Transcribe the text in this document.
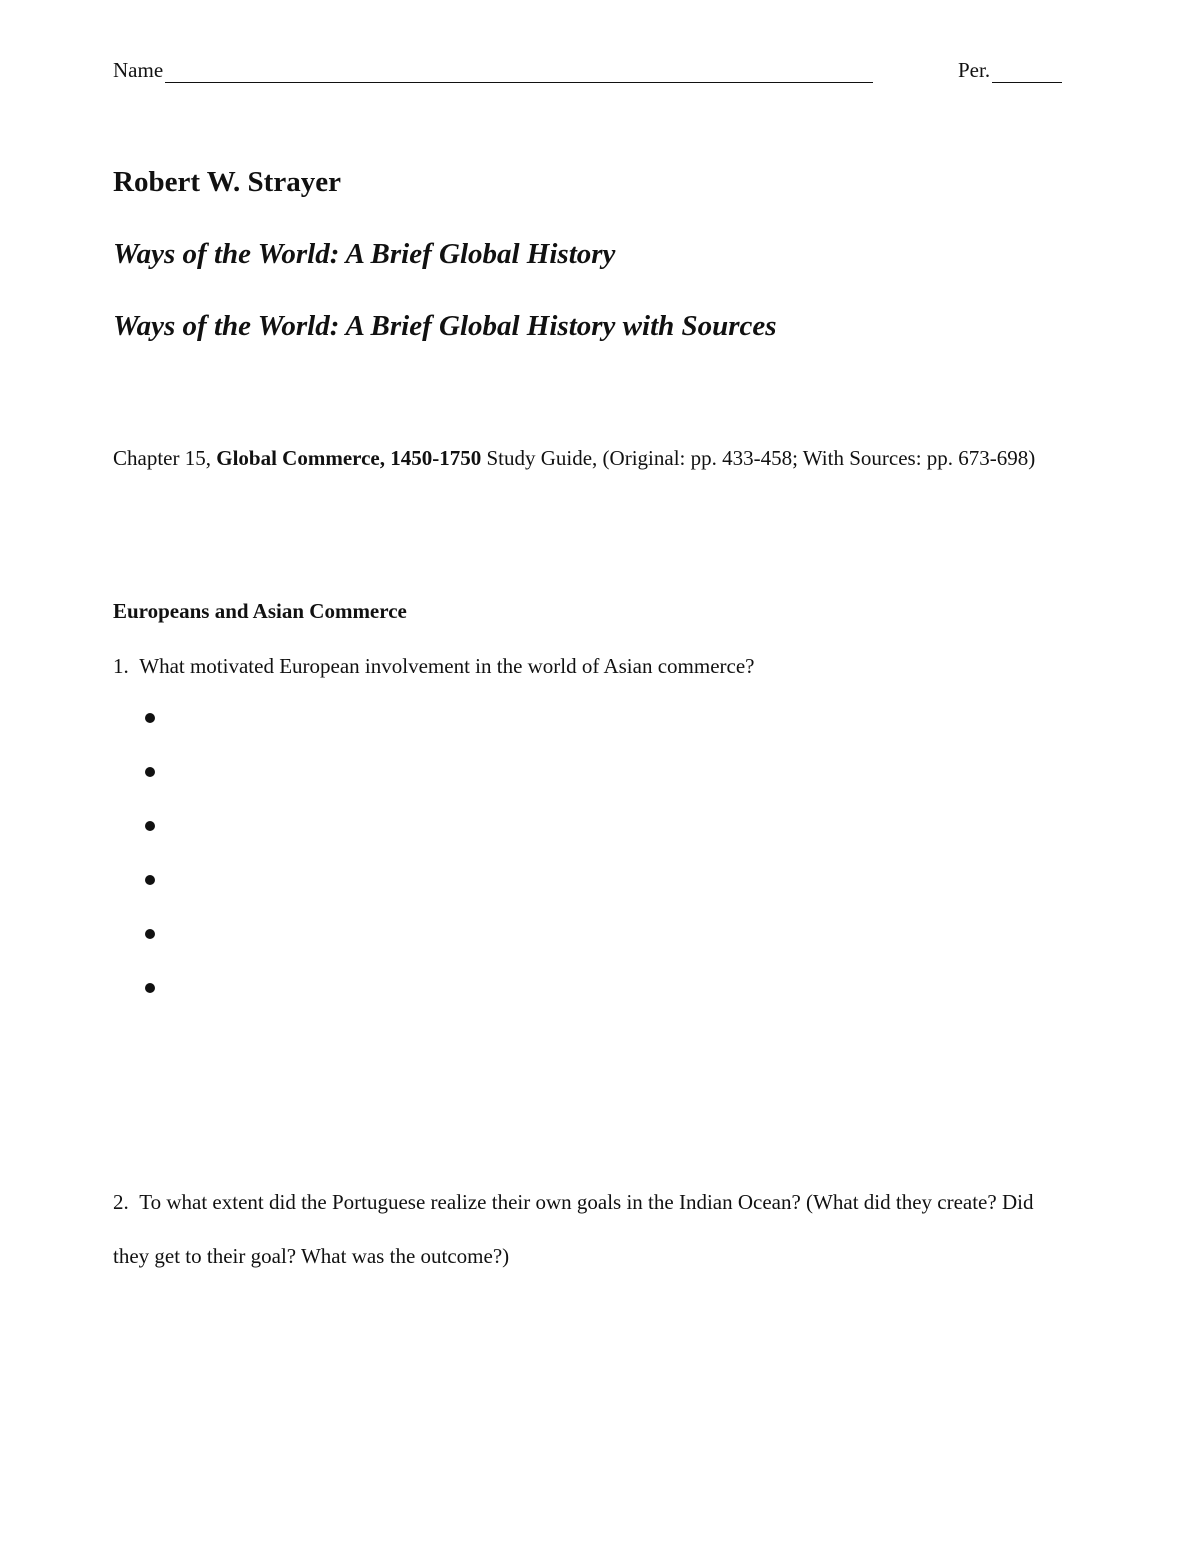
Name	Per.
Robert W. Strayer
Ways of the World: A Brief Global History
Ways of the World: A Brief Global History with Sources
Chapter 15, Global Commerce, 1450-1750 Study Guide, (Original: pp. 433-458; With Sources: pp. 673-698)
Europeans and Asian Commerce
1. What motivated European involvement in the world of Asian commerce?
2. To what extent did the Portuguese realize their own goals in the Indian Ocean? (What did they create? Did they get to their goal? What was the outcome?)
